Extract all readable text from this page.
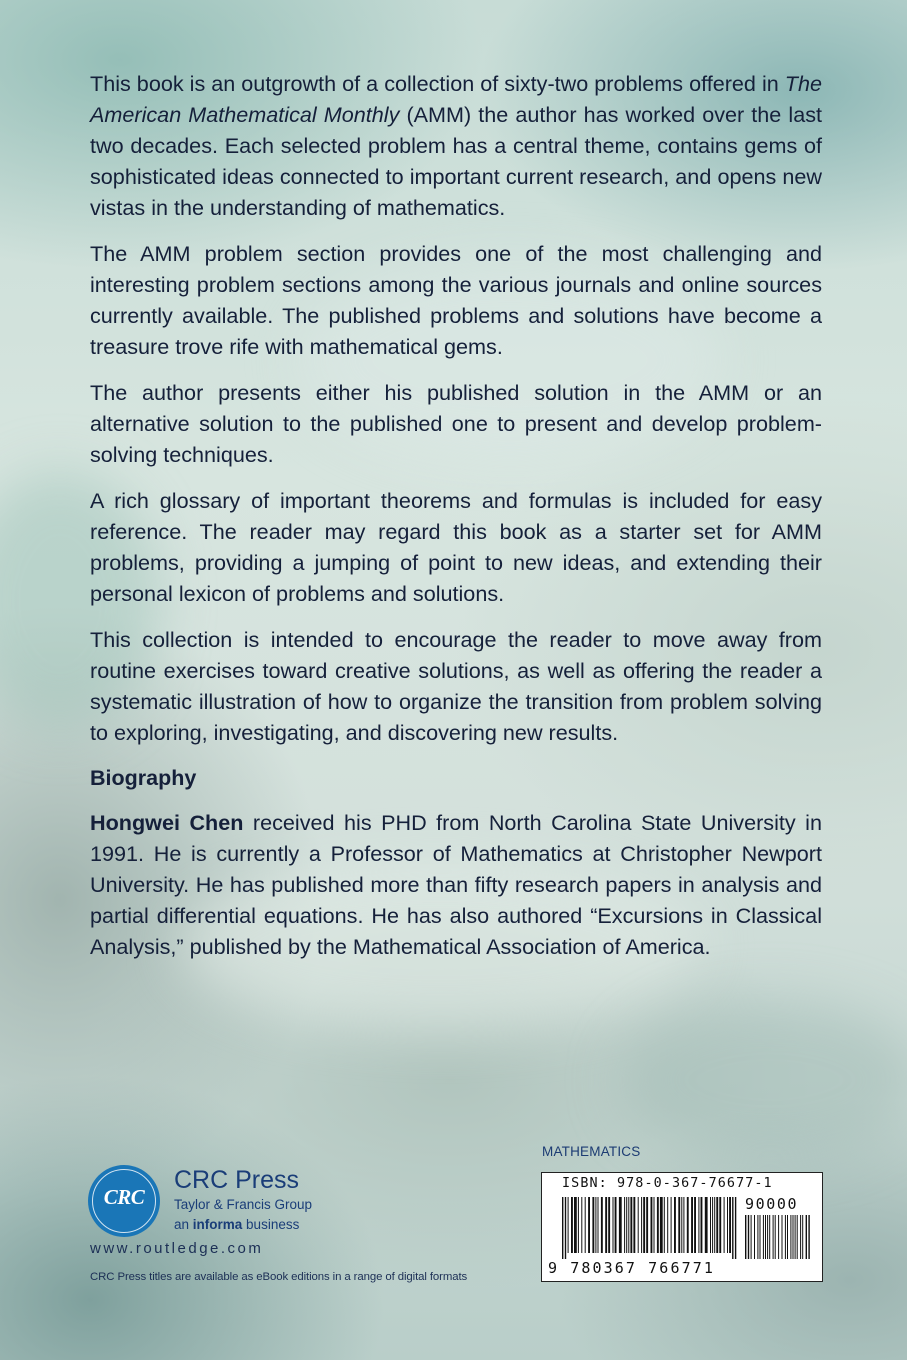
This book is an outgrowth of a collection of sixty-two problems offered in The American Mathematical Monthly (AMM) the author has worked over the last two decades. Each selected problem has a central theme, contains gems of sophisticated ideas connected to important current research, and opens new vistas in the understanding of mathematics.

The AMM problem section provides one of the most challenging and interesting problem sections among the various journals and online sources currently available. The published problems and solutions have become a treasure trove rife with mathematical gems.

The author presents either his published solution in the AMM or an alternative solution to the published one to present and develop problem-solving techniques.

A rich glossary of important theorems and formulas is included for easy reference. The reader may regard this book as a starter set for AMM problems, providing a jumping of point to new ideas, and extending their personal lexicon of problems and solutions.

This collection is intended to encourage the reader to move away from routine exercises toward creative solutions, as well as offering the reader a systematic illustration of how to organize the transition from problem solving to exploring, investigating, and discovering new results.

Biography

Hongwei Chen received his PHD from North Carolina State University in 1991. He is currently a Professor of Mathematics at Christopher Newport University. He has published more than fifty research papers in analysis and partial differential equations. He has also authored “Excursions in Classical Analysis,” published by the Mathematical Association of America.

CRC
CRC Press
Taylor & Francis Group
an informa business
www.routledge.com
CRC Press titles are available as eBook editions in a range of digital formats
MATHEMATICS
ISBN: 978-0-367-76677-1
90000
9 780367 766771
